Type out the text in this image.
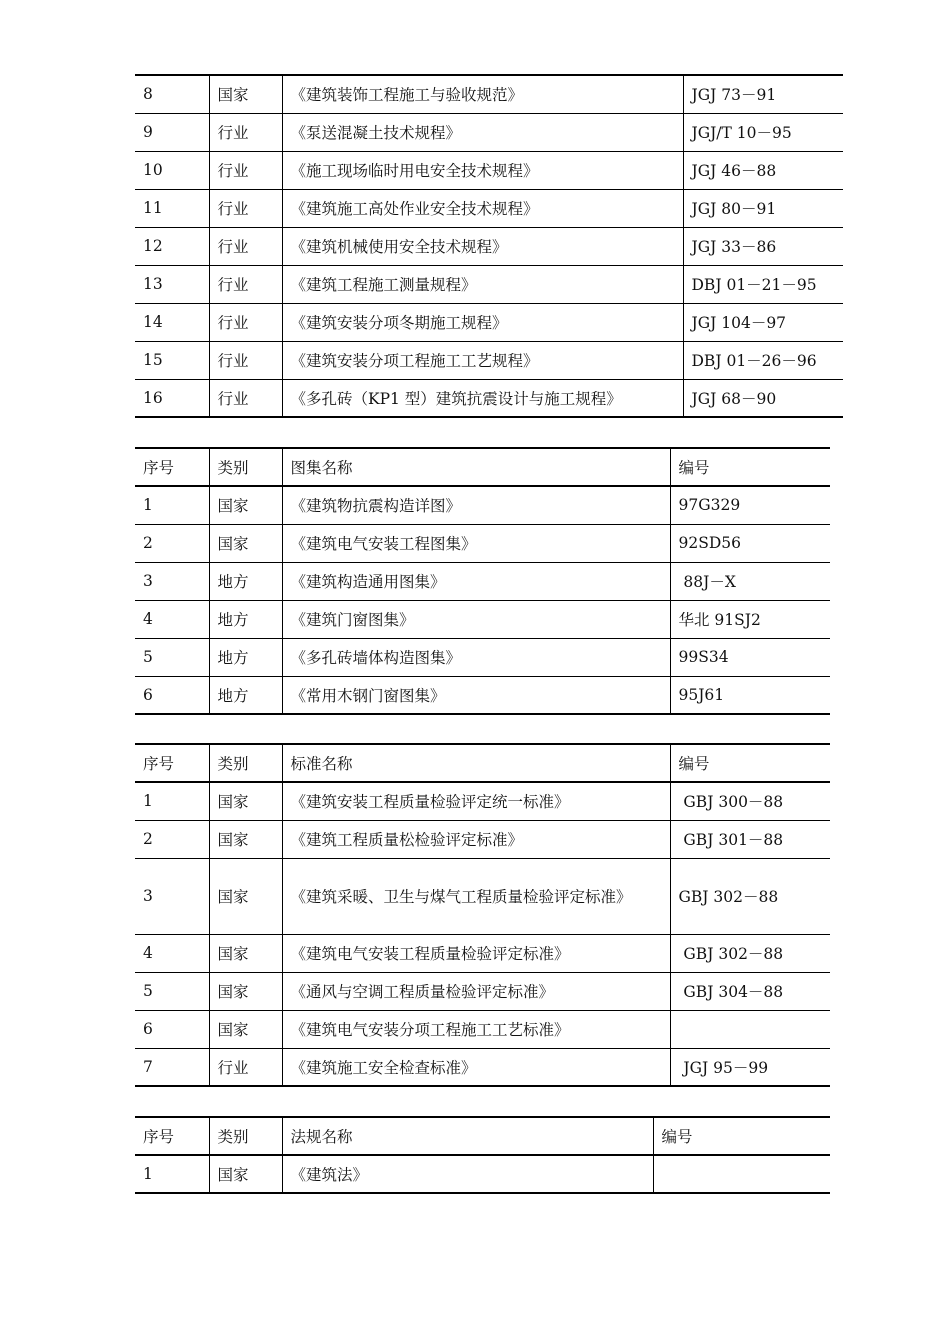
8	国家	《建筑装饰工程施工与验收规范》	JGJ 73－91
9	行业	《泵送混凝土技术规程》	JGJ/T 10－95
10	行业	《施工现场临时用电安全技术规程》	JGJ 46－88
11	行业	《建筑施工高处作业安全技术规程》	JGJ 80－91
12	行业	《建筑机械使用安全技术规程》	JGJ 33－86
13	行业	《建筑工程施工测量规程》	DBJ 01－21－95
14	行业	《建筑安装分项冬期施工规程》	JGJ 104－97
15	行业	《建筑安装分项工程施工工艺规程》	DBJ 01－26－96
16	行业	《多孔砖（KP1 型）建筑抗震设计与施工规程》	JGJ 68－90
序号	类别	图集名称	编号
1	国家	《建筑物抗震构造详图》	97G329
2	国家	《建筑电气安装工程图集》	92SD56
3	地方	《建筑构造通用图集》	88J－X
4	地方	《建筑门窗图集》	华北 91SJ2
5	地方	《多孔砖墙体构造图集》	99S34
6	地方	《常用木钢门窗图集》	95J61
序号	类别	标准名称	编号
1	国家	《建筑安装工程质量检验评定统一标准》	GBJ 300－88
2	国家	《建筑工程质量松检验评定标准》	GBJ 301－88
3	国家	《建筑采暖、卫生与煤气工程质量检验评定标准》	GBJ 302－88
4	国家	《建筑电气安装工程质量检验评定标准》	GBJ 302－88
5	国家	《通风与空调工程质量检验评定标准》	GBJ 304－88
6	国家	《建筑电气安装分项工程施工工艺标准》	
7	行业	《建筑施工安全检查标准》	JGJ 95－99
序号	类别	法规名称	编号
1	国家	《建筑法》	
